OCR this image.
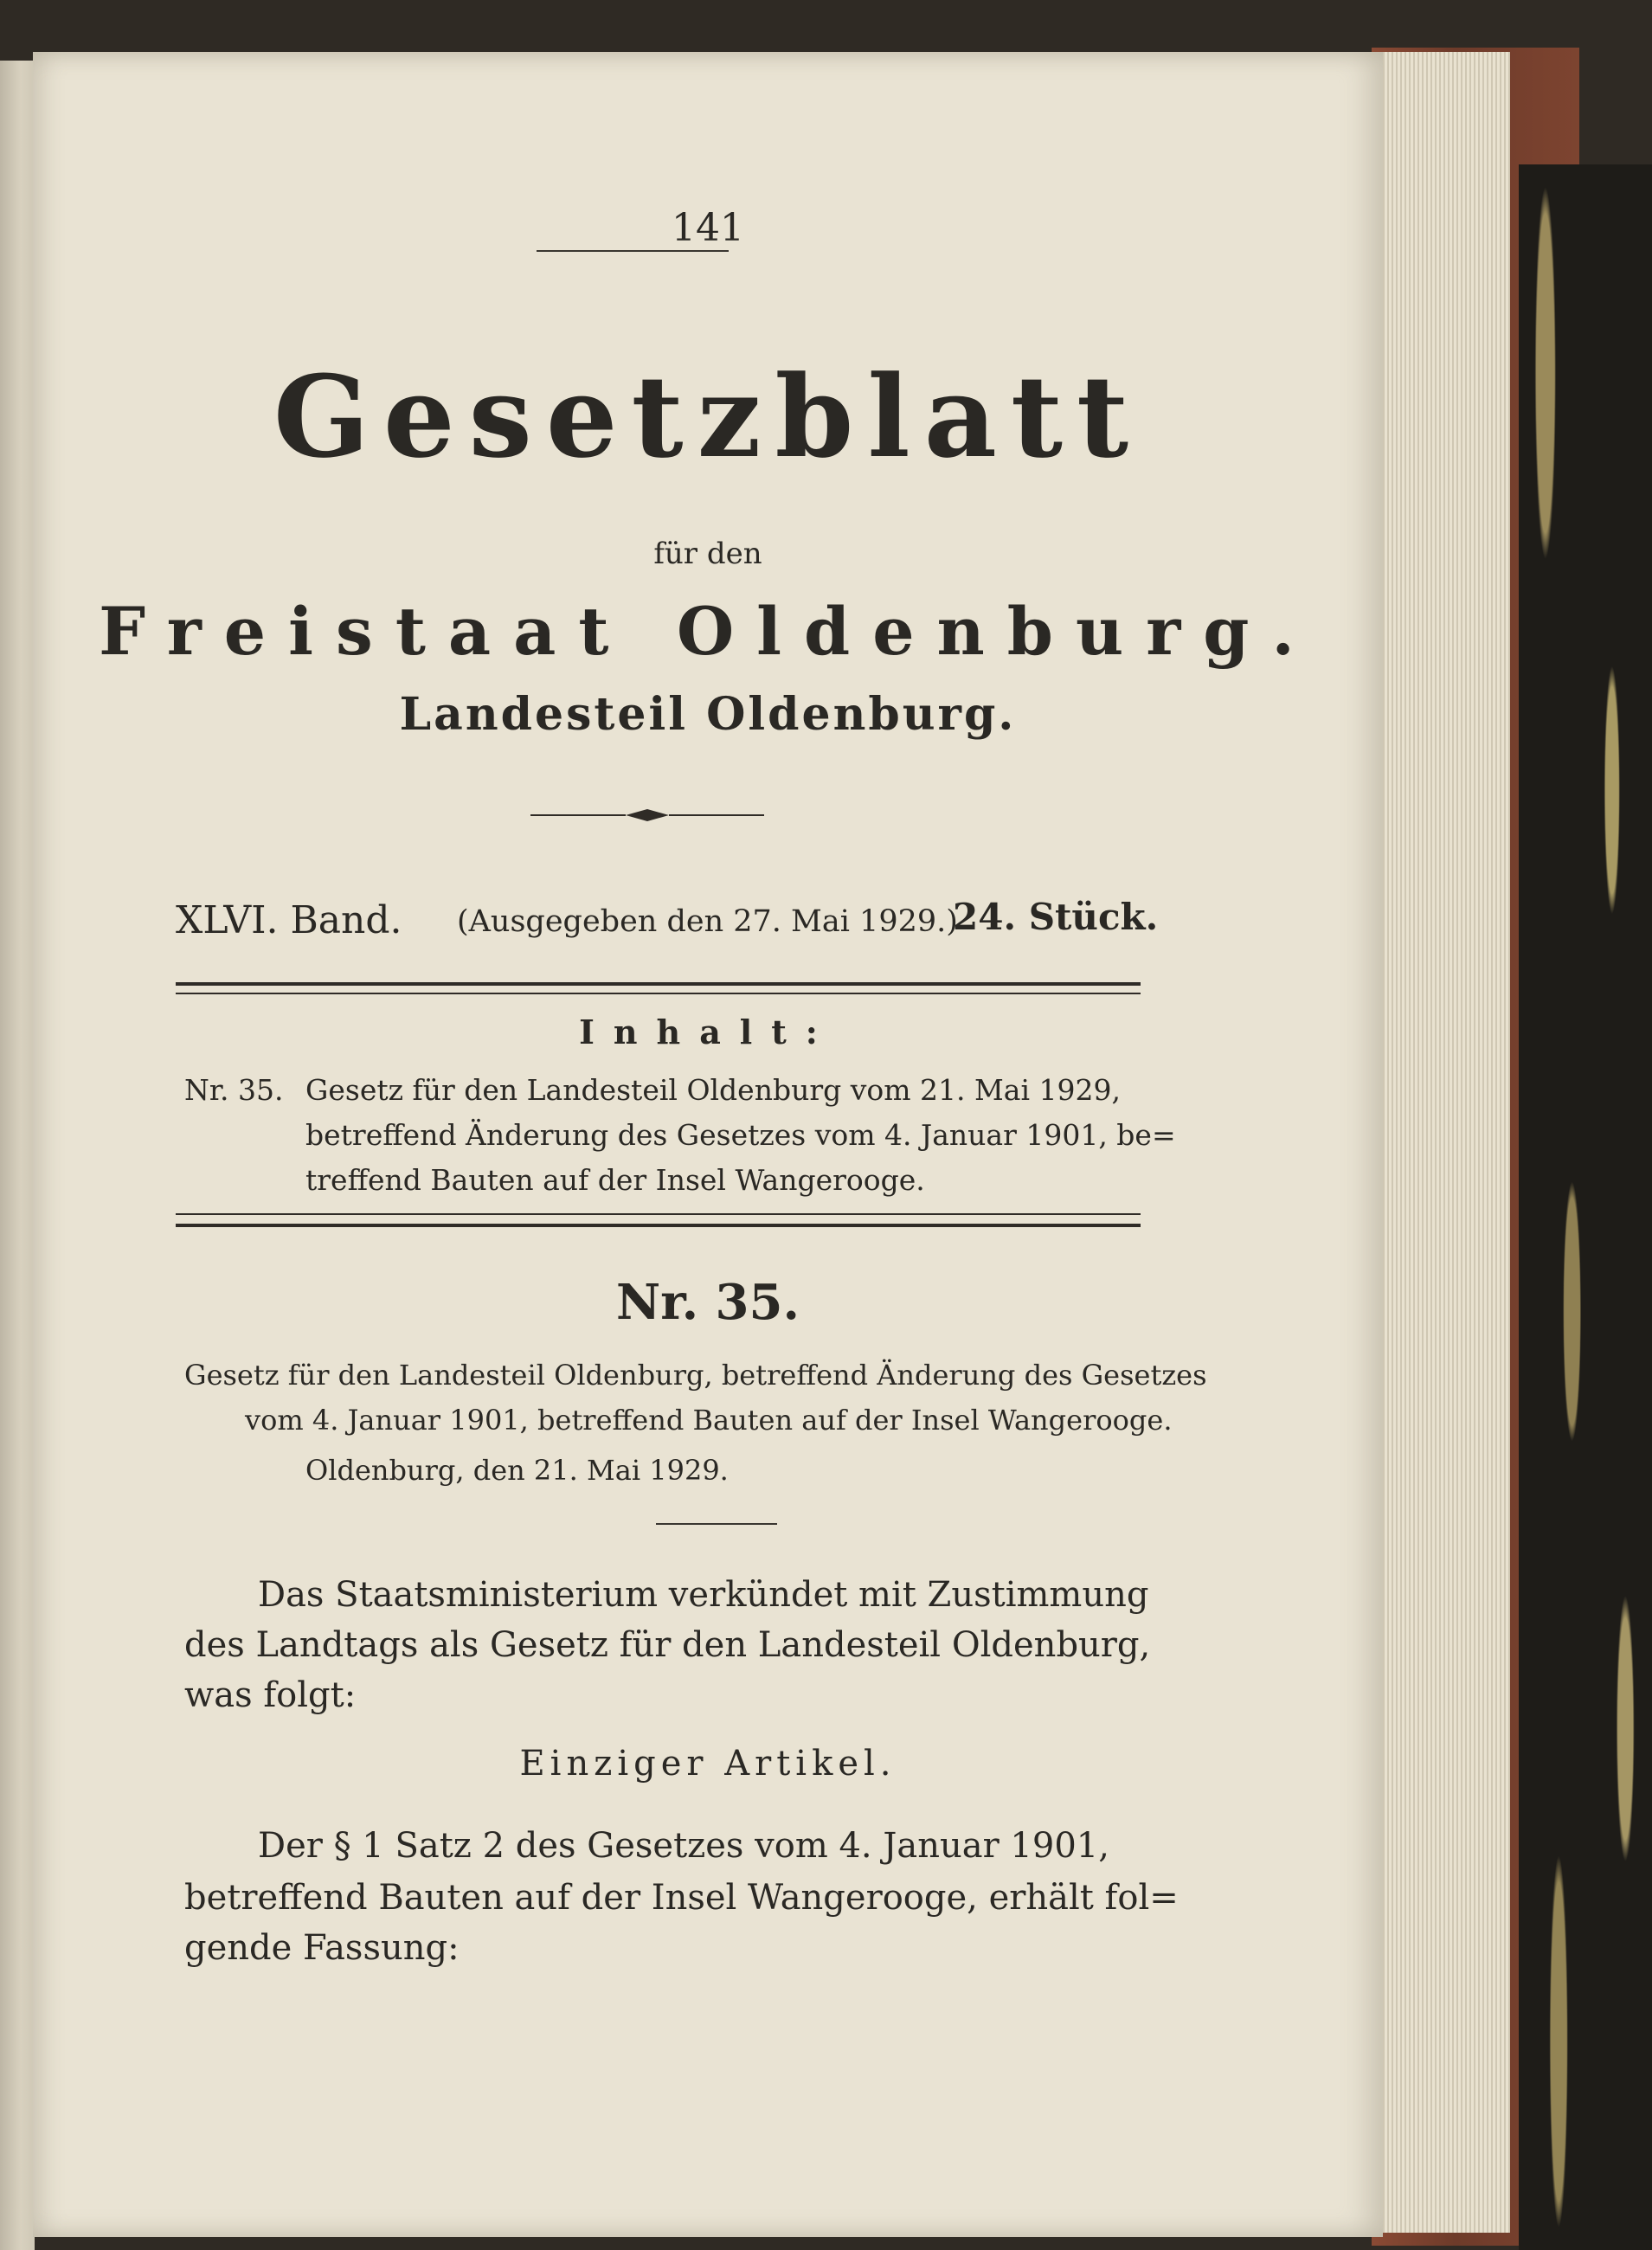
141
Gesetzblatt
für den
Freistaat Oldenburg.
Landesteil Oldenburg.
XLVI. Band. (Ausgegeben den 27. Mai 1929.)
24. Stück.
Inhalt:
Nr. 35. Gesetz für den Landesteil Oldenburg vom 21. Mai 1929,
betreffend Änderung des Gesetzes vom 4. Januar 1901, be=
treffend Bauten auf der Insel Wangerooge.
Nr. 35.
Gesetz für den Landesteil Oldenburg, betreffend Änderung des Gesetzes
vom 4. Januar 1901, betreffend Bauten auf der Insel Wangerooge.
Oldenburg, den 21. Mai 1929.
Das Staatsministerium verkündet mit Zustimmung
des Landtags als Gesetz für den Landesteil Oldenburg,
was folgt:
Einziger Artikel.
Der § 1 Satz 2 des Gesetzes vom 4. Januar 1901,
betreffend Bauten auf der Insel Wangerooge, erhält fol=
gende Fassung:
